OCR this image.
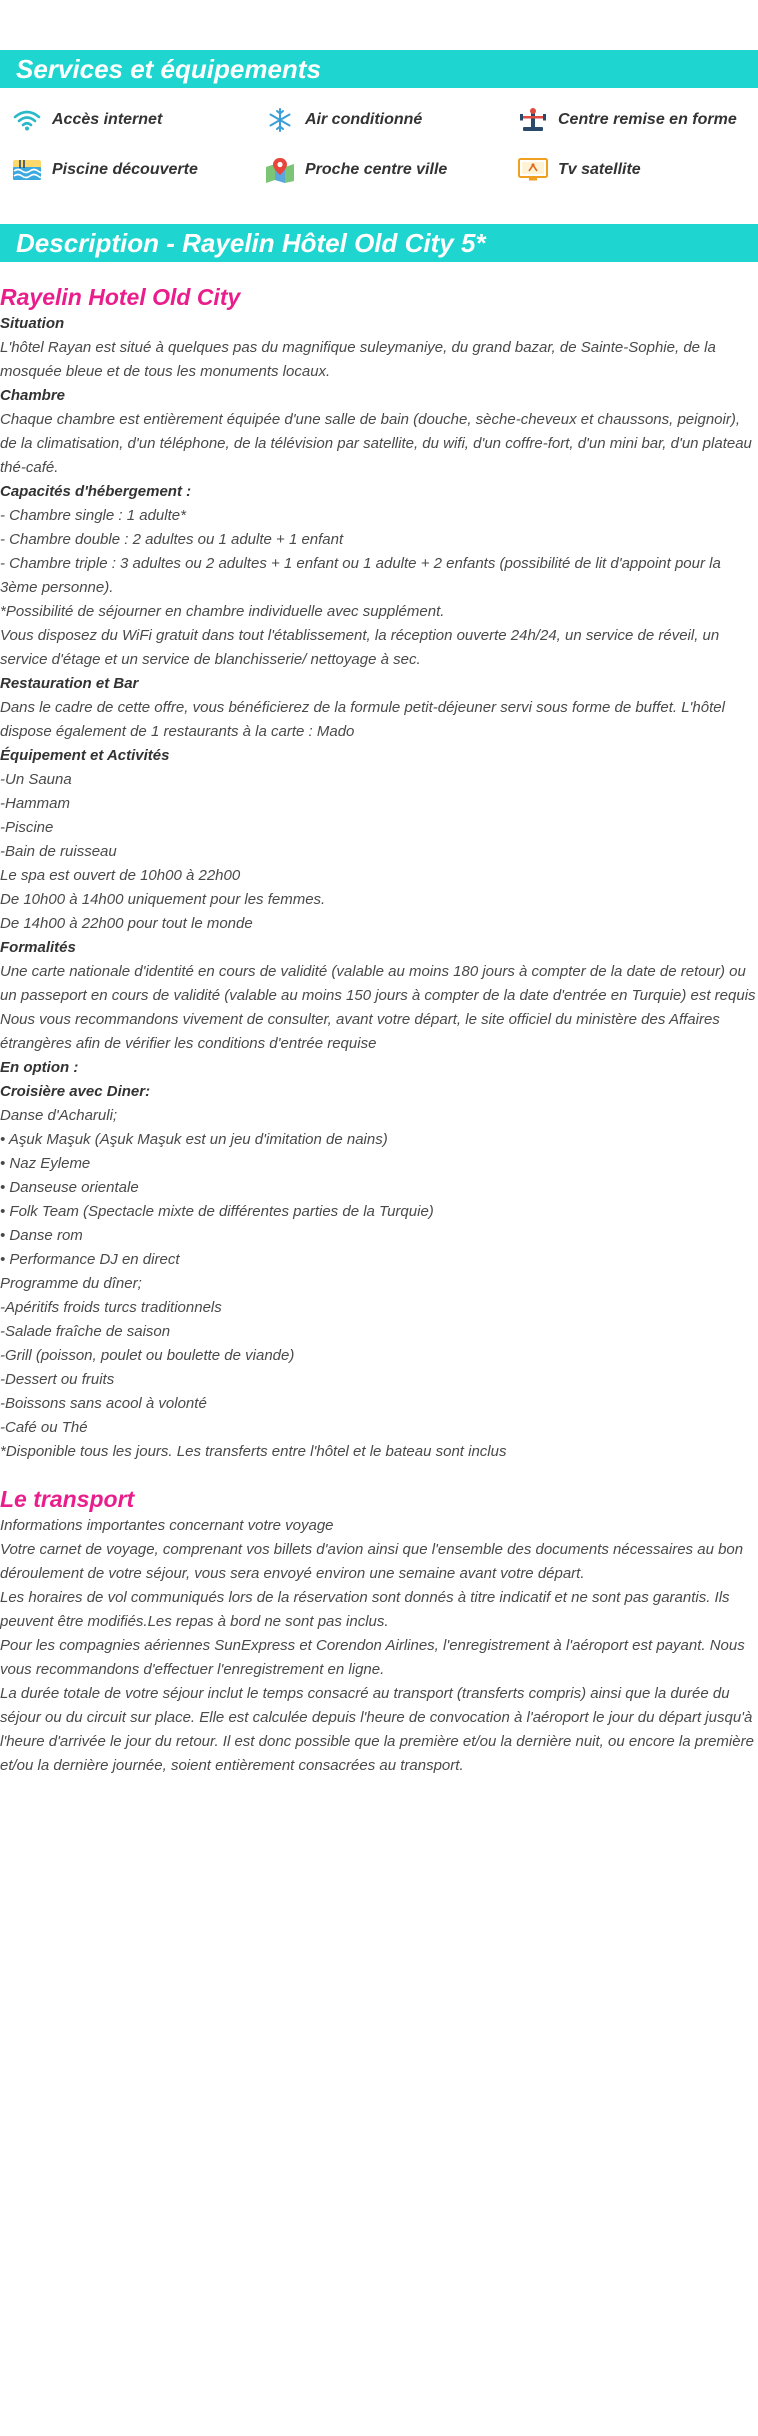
Services et équipements
Accès internet	Air conditionné	Centre remise en forme
Piscine découverte	Proche centre ville	Tv satellite
Description - Rayelin Hôtel Old City 5*
Rayelin Hotel Old City

Situation

L'hôtel Rayan est situé à quelques pas du magnifique suleymaniye, du grand bazar, de Sainte-Sophie, de la mosquée bleue et de tous les monuments locaux.

Chambre

Chaque chambre est entièrement équipée d'une salle de bain (douche, sèche-cheveux et chaussons, peignoir), de la climatisation, d'un téléphone, de la télévision par satellite, du wifi, d'un coffre-fort, d'un mini bar, d'un plateau thé-café.

Capacités d'hébergement :

- Chambre single : 1 adulte*

- Chambre double : 2 adultes ou 1 adulte + 1 enfant

- Chambre triple : 3 adultes ou 2 adultes + 1 enfant ou 1 adulte + 2 enfants (possibilité de lit d'appoint pour la 3ème personne).

*Possibilité de séjourner en chambre individuelle avec supplément.

Vous disposez du WiFi gratuit dans tout l'établissement, la réception ouverte 24h/24, un service de réveil, un service d'étage et un service de blanchisserie/ nettoyage à sec.

Restauration et Bar

Dans le cadre de cette offre, vous bénéficierez de la formule petit-déjeuner servi sous forme de buffet. L'hôtel dispose également de 1 restaurants à la carte : Mado

Équipement et Activités

-Un Sauna

-Hammam

-Piscine

-Bain de ruisseau

Le spa est ouvert de 10h00 à 22h00

De 10h00 à 14h00 uniquement pour les femmes.

De 14h00 à 22h00 pour tout le monde

Formalités

Une carte nationale d'identité en cours de validité (valable au moins 180 jours à compter de la date de retour) ou un passeport en cours de validité (valable au moins 150 jours à compter de la date d'entrée en Turquie) est requis

Nous vous recommandons vivement de consulter, avant votre départ, le site officiel du ministère des Affaires étrangères afin de vérifier les conditions d'entrée requise

En option :

Croisière avec Diner:

Danse d'Acharuli;

• Aşuk Maşuk (Aşuk Maşuk est un jeu d'imitation de nains)

• Naz Eyleme

• Danseuse orientale

• Folk Team (Spectacle mixte de différentes parties de la Turquie)

• Danse rom

• Performance DJ en direct

Programme du dîner;

-Apéritifs froids turcs traditionnels

-Salade fraîche de saison

-Grill (poisson, poulet ou boulette de viande)

-Dessert ou fruits

-Boissons sans acool à volonté

-Café ou Thé

*Disponible tous les jours. Les transferts entre l'hôtel et le bateau sont inclus

Le transport

Informations importantes concernant votre voyage

Votre carnet de voyage, comprenant vos billets d'avion ainsi que l'ensemble des documents nécessaires au bon déroulement de votre séjour, vous sera envoyé environ une semaine avant votre départ.

Les horaires de vol communiqués lors de la réservation sont donnés à titre indicatif et ne sont pas garantis. Ils peuvent être modifiés.Les repas à bord ne sont pas inclus.

Pour les compagnies aériennes SunExpress et Corendon Airlines, l'enregistrement à l'aéroport est payant. Nous vous recommandons d'effectuer l'enregistrement en ligne.

La durée totale de votre séjour inclut le temps consacré au transport (transferts compris) ainsi que la durée du séjour ou du circuit sur place. Elle est calculée depuis l'heure de convocation à l'aéroport le jour du départ jusqu'à l'heure d'arrivée le jour du retour. Il est donc possible que la première et/ou la dernière nuit, ou encore la première et/ou la dernière journée, soient entièrement consacrées au transport.
